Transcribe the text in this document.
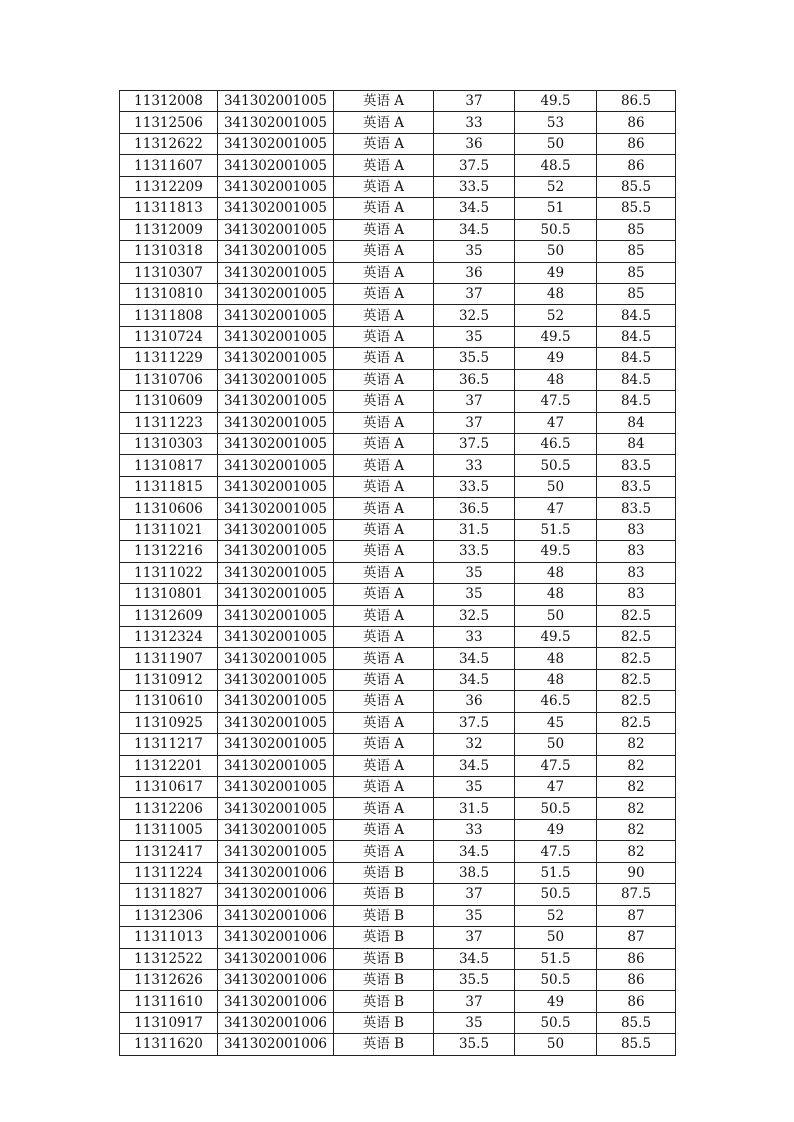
11312008	341302001005	英语 A	37	49.5	86.5
11312506	341302001005	英语 A	33	53	86
11312622	341302001005	英语 A	36	50	86
11311607	341302001005	英语 A	37.5	48.5	86
11312209	341302001005	英语 A	33.5	52	85.5
11311813	341302001005	英语 A	34.5	51	85.5
11312009	341302001005	英语 A	34.5	50.5	85
11310318	341302001005	英语 A	35	50	85
11310307	341302001005	英语 A	36	49	85
11310810	341302001005	英语 A	37	48	85
11311808	341302001005	英语 A	32.5	52	84.5
11310724	341302001005	英语 A	35	49.5	84.5
11311229	341302001005	英语 A	35.5	49	84.5
11310706	341302001005	英语 A	36.5	48	84.5
11310609	341302001005	英语 A	37	47.5	84.5
11311223	341302001005	英语 A	37	47	84
11310303	341302001005	英语 A	37.5	46.5	84
11310817	341302001005	英语 A	33	50.5	83.5
11311815	341302001005	英语 A	33.5	50	83.5
11310606	341302001005	英语 A	36.5	47	83.5
11311021	341302001005	英语 A	31.5	51.5	83
11312216	341302001005	英语 A	33.5	49.5	83
11311022	341302001005	英语 A	35	48	83
11310801	341302001005	英语 A	35	48	83
11312609	341302001005	英语 A	32.5	50	82.5
11312324	341302001005	英语 A	33	49.5	82.5
11311907	341302001005	英语 A	34.5	48	82.5
11310912	341302001005	英语 A	34.5	48	82.5
11310610	341302001005	英语 A	36	46.5	82.5
11310925	341302001005	英语 A	37.5	45	82.5
11311217	341302001005	英语 A	32	50	82
11312201	341302001005	英语 A	34.5	47.5	82
11310617	341302001005	英语 A	35	47	82
11312206	341302001005	英语 A	31.5	50.5	82
11311005	341302001005	英语 A	33	49	82
11312417	341302001005	英语 A	34.5	47.5	82
11311224	341302001006	英语 B	38.5	51.5	90
11311827	341302001006	英语 B	37	50.5	87.5
11312306	341302001006	英语 B	35	52	87
11311013	341302001006	英语 B	37	50	87
11312522	341302001006	英语 B	34.5	51.5	86
11312626	341302001006	英语 B	35.5	50.5	86
11311610	341302001006	英语 B	37	49	86
11310917	341302001006	英语 B	35	50.5	85.5
11311620	341302001006	英语 B	35.5	50	85.5
